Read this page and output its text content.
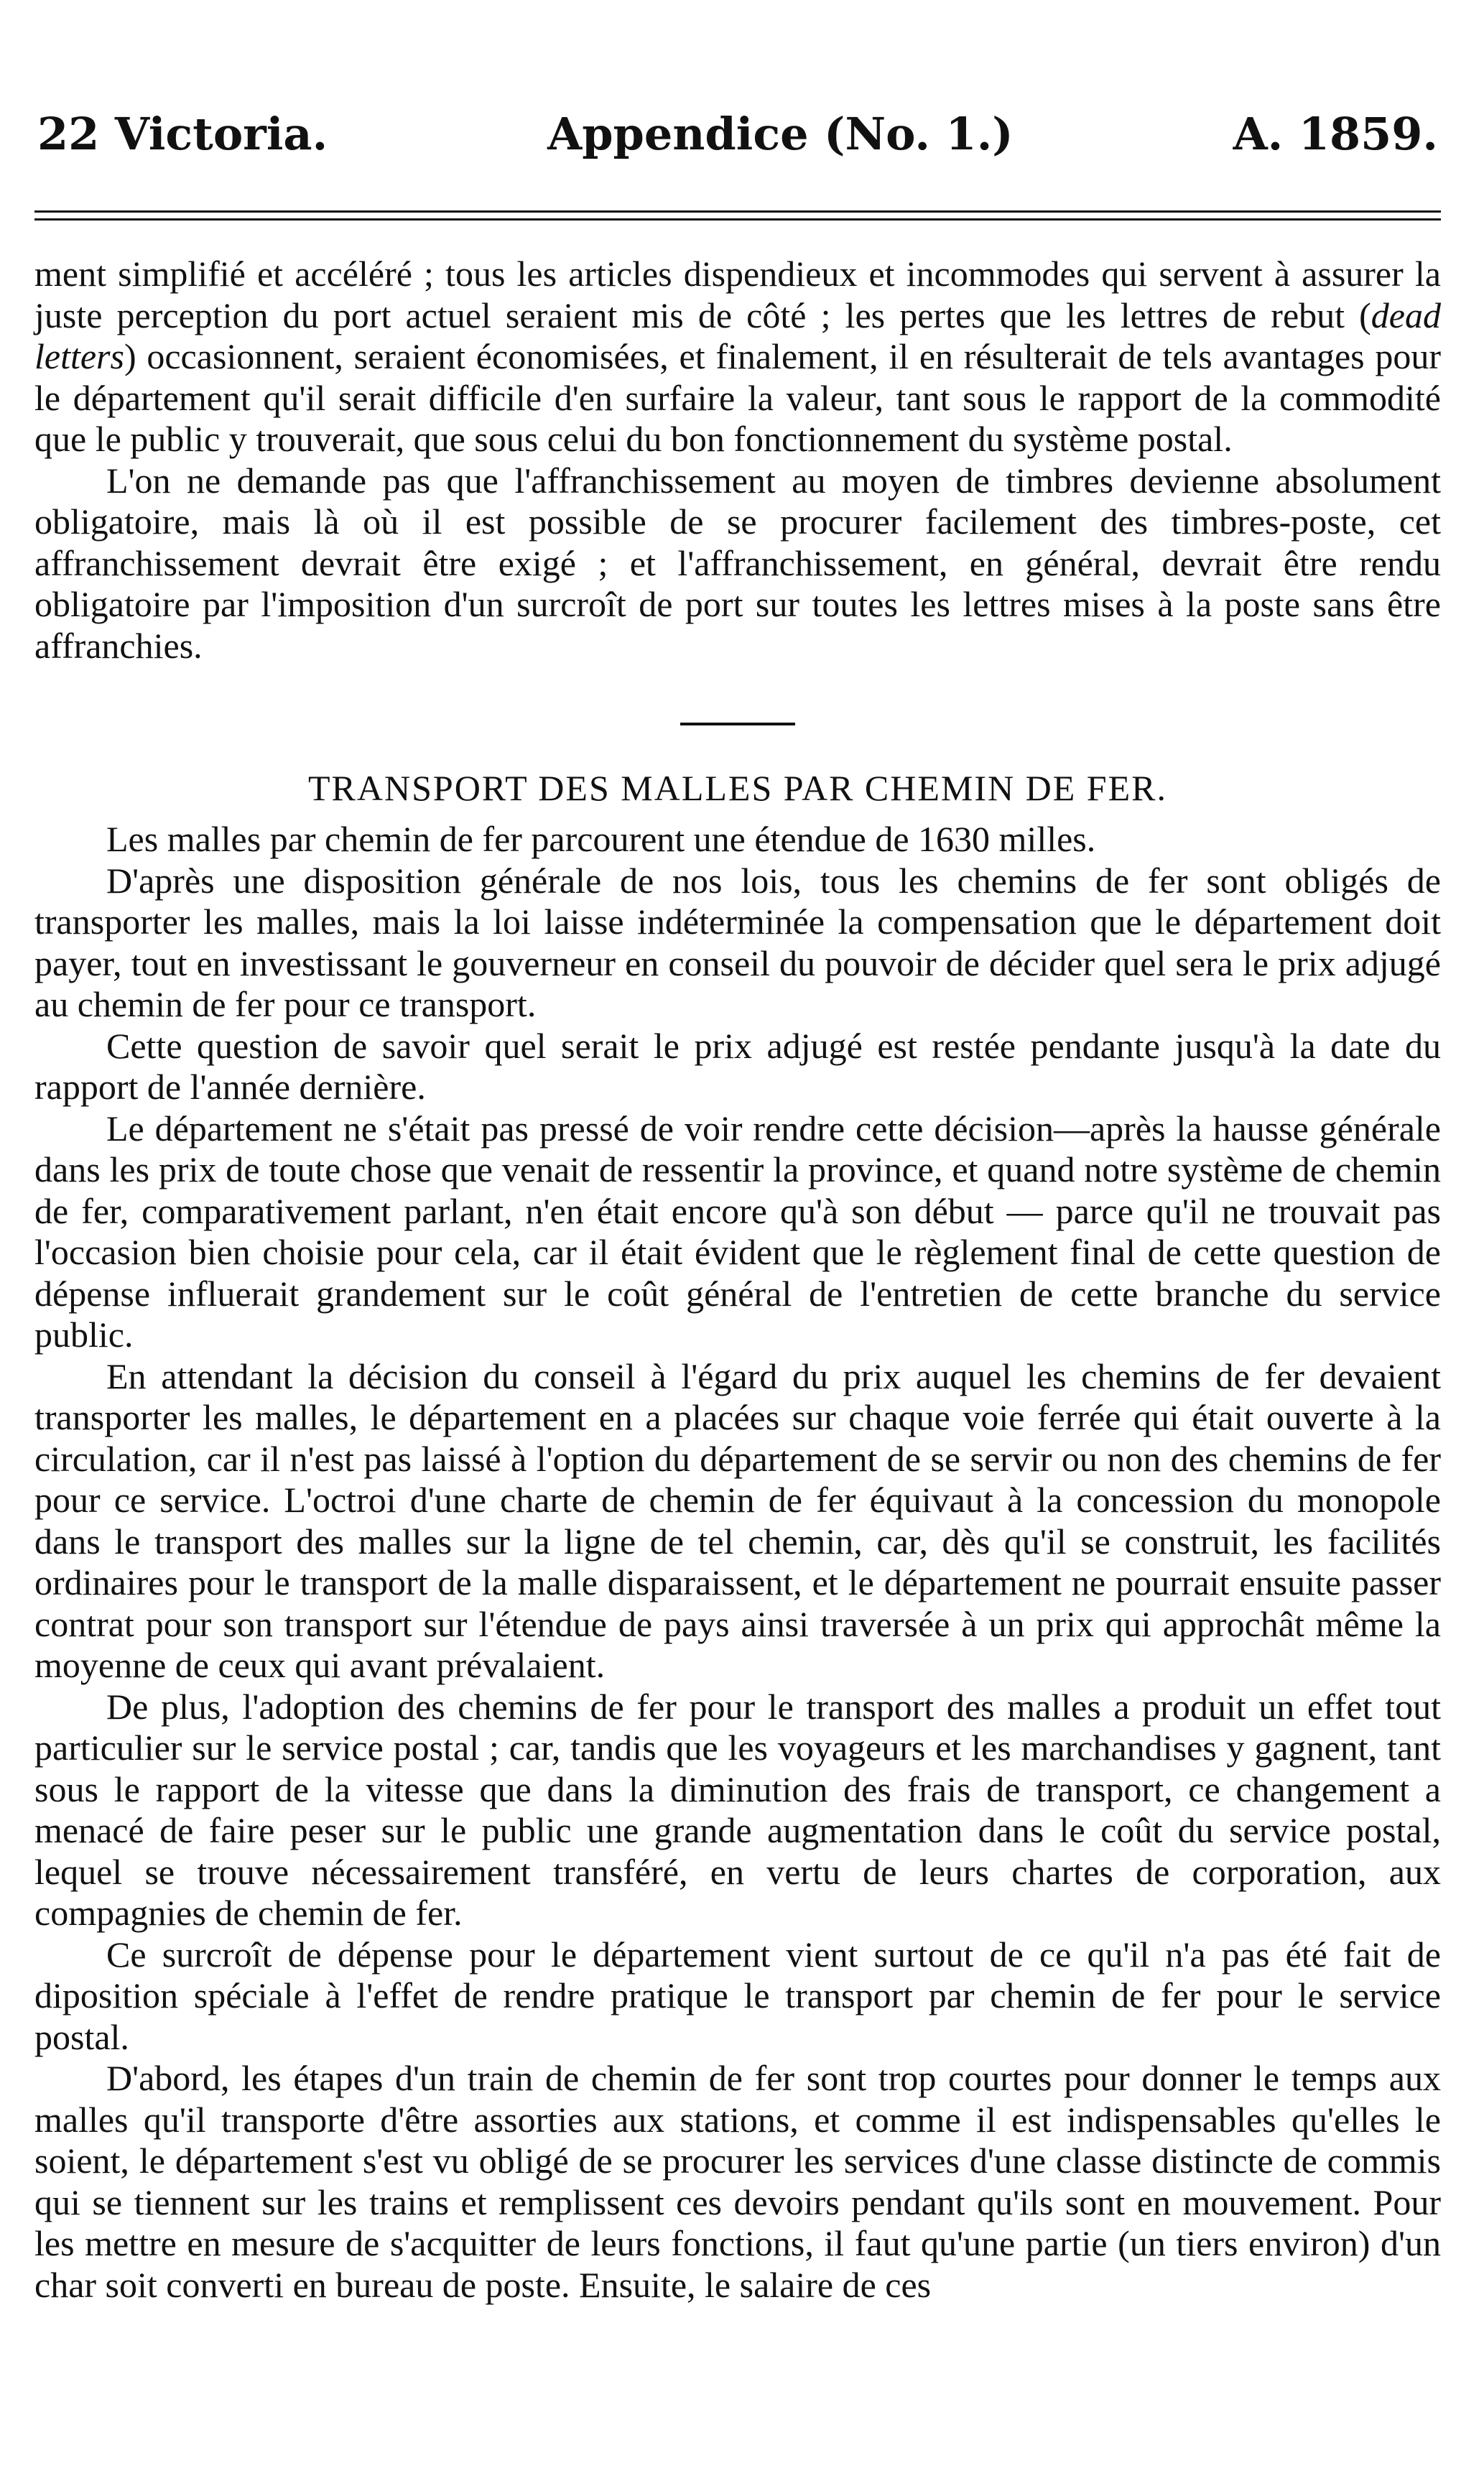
22 Victoria.	Appendice (No. 1.)	A. 1859.

ment simplifié et accéléré ; tous les articles dispendieux et incommodes qui servent à assurer la juste perception du port actuel seraient mis de côté ; les pertes que les lettres de rebut (dead letters) occasionnent, seraient économisées, et finalement, il en résulterait de tels avantages pour le département qu'il serait difficile d'en surfaire la valeur, tant sous le rapport de la commodité que le public y trouverait, que sous celui du bon fonctionnement du système postal.

L'on ne demande pas que l'affranchissement au moyen de timbres devienne absolument obligatoire, mais là où il est possible de se procurer facilement des timbres-poste, cet affranchissement devrait être exigé ; et l'affranchissement, en général, devrait être rendu obligatoire par l'imposition d'un surcroît de port sur toutes les lettres mises à la poste sans être affranchies.

TRANSPORT DES MALLES PAR CHEMIN DE FER.

Les malles par chemin de fer parcourent une étendue de 1630 milles.

D'après une disposition générale de nos lois, tous les chemins de fer sont obligés de transporter les malles, mais la loi laisse indéterminée la compensation que le département doit payer, tout en investissant le gouverneur en conseil du pouvoir de décider quel sera le prix adjugé au chemin de fer pour ce transport.

Cette question de savoir quel serait le prix adjugé est restée pendante jusqu'à la date du rapport de l'année dernière.

Le département ne s'était pas pressé de voir rendre cette décision—après la hausse générale dans les prix de toute chose que venait de ressentir la province, et quand notre système de chemin de fer, comparativement parlant, n'en était encore qu'à son début — parce qu'il ne trouvait pas l'occasion bien choisie pour cela, car il était évident que le règlement final de cette question de dépense influerait grandement sur le coût général de l'entretien de cette branche du service public.

En attendant la décision du conseil à l'égard du prix auquel les chemins de fer devaient transporter les malles, le département en a placées sur chaque voie ferrée qui était ouverte à la circulation, car il n'est pas laissé à l'option du département de se servir ou non des chemins de fer pour ce service. L'octroi d'une charte de chemin de fer équivaut à la concession du monopole dans le transport des malles sur la ligne de tel chemin, car, dès qu'il se construit, les facilités ordinaires pour le transport de la malle disparaissent, et le département ne pourrait ensuite passer contrat pour son transport sur l'étendue de pays ainsi traversée à un prix qui approchât même la moyenne de ceux qui avant prévalaient.

De plus, l'adoption des chemins de fer pour le transport des malles a produit un effet tout particulier sur le service postal ; car, tandis que les voyageurs et les marchandises y gagnent, tant sous le rapport de la vitesse que dans la diminution des frais de transport, ce changement a menacé de faire peser sur le public une grande augmentation dans le coût du service postal, lequel se trouve nécessairement transféré, en vertu de leurs chartes de corporation, aux compagnies de chemin de fer.

Ce surcroît de dépense pour le département vient surtout de ce qu'il n'a pas été fait de diposition spéciale à l'effet de rendre pratique le transport par chemin de fer pour le service postal.

D'abord, les étapes d'un train de chemin de fer sont trop courtes pour donner le temps aux malles qu'il transporte d'être assorties aux stations, et comme il est indispensables qu'elles le soient, le département s'est vu obligé de se procurer les services d'une classe distincte de commis qui se tiennent sur les trains et remplissent ces devoirs pendant qu'ils sont en mouvement. Pour les mettre en mesure de s'acquitter de leurs fonctions, il faut qu'une partie (un tiers environ) d'un char soit converti en bureau de poste. Ensuite, le salaire de ces
